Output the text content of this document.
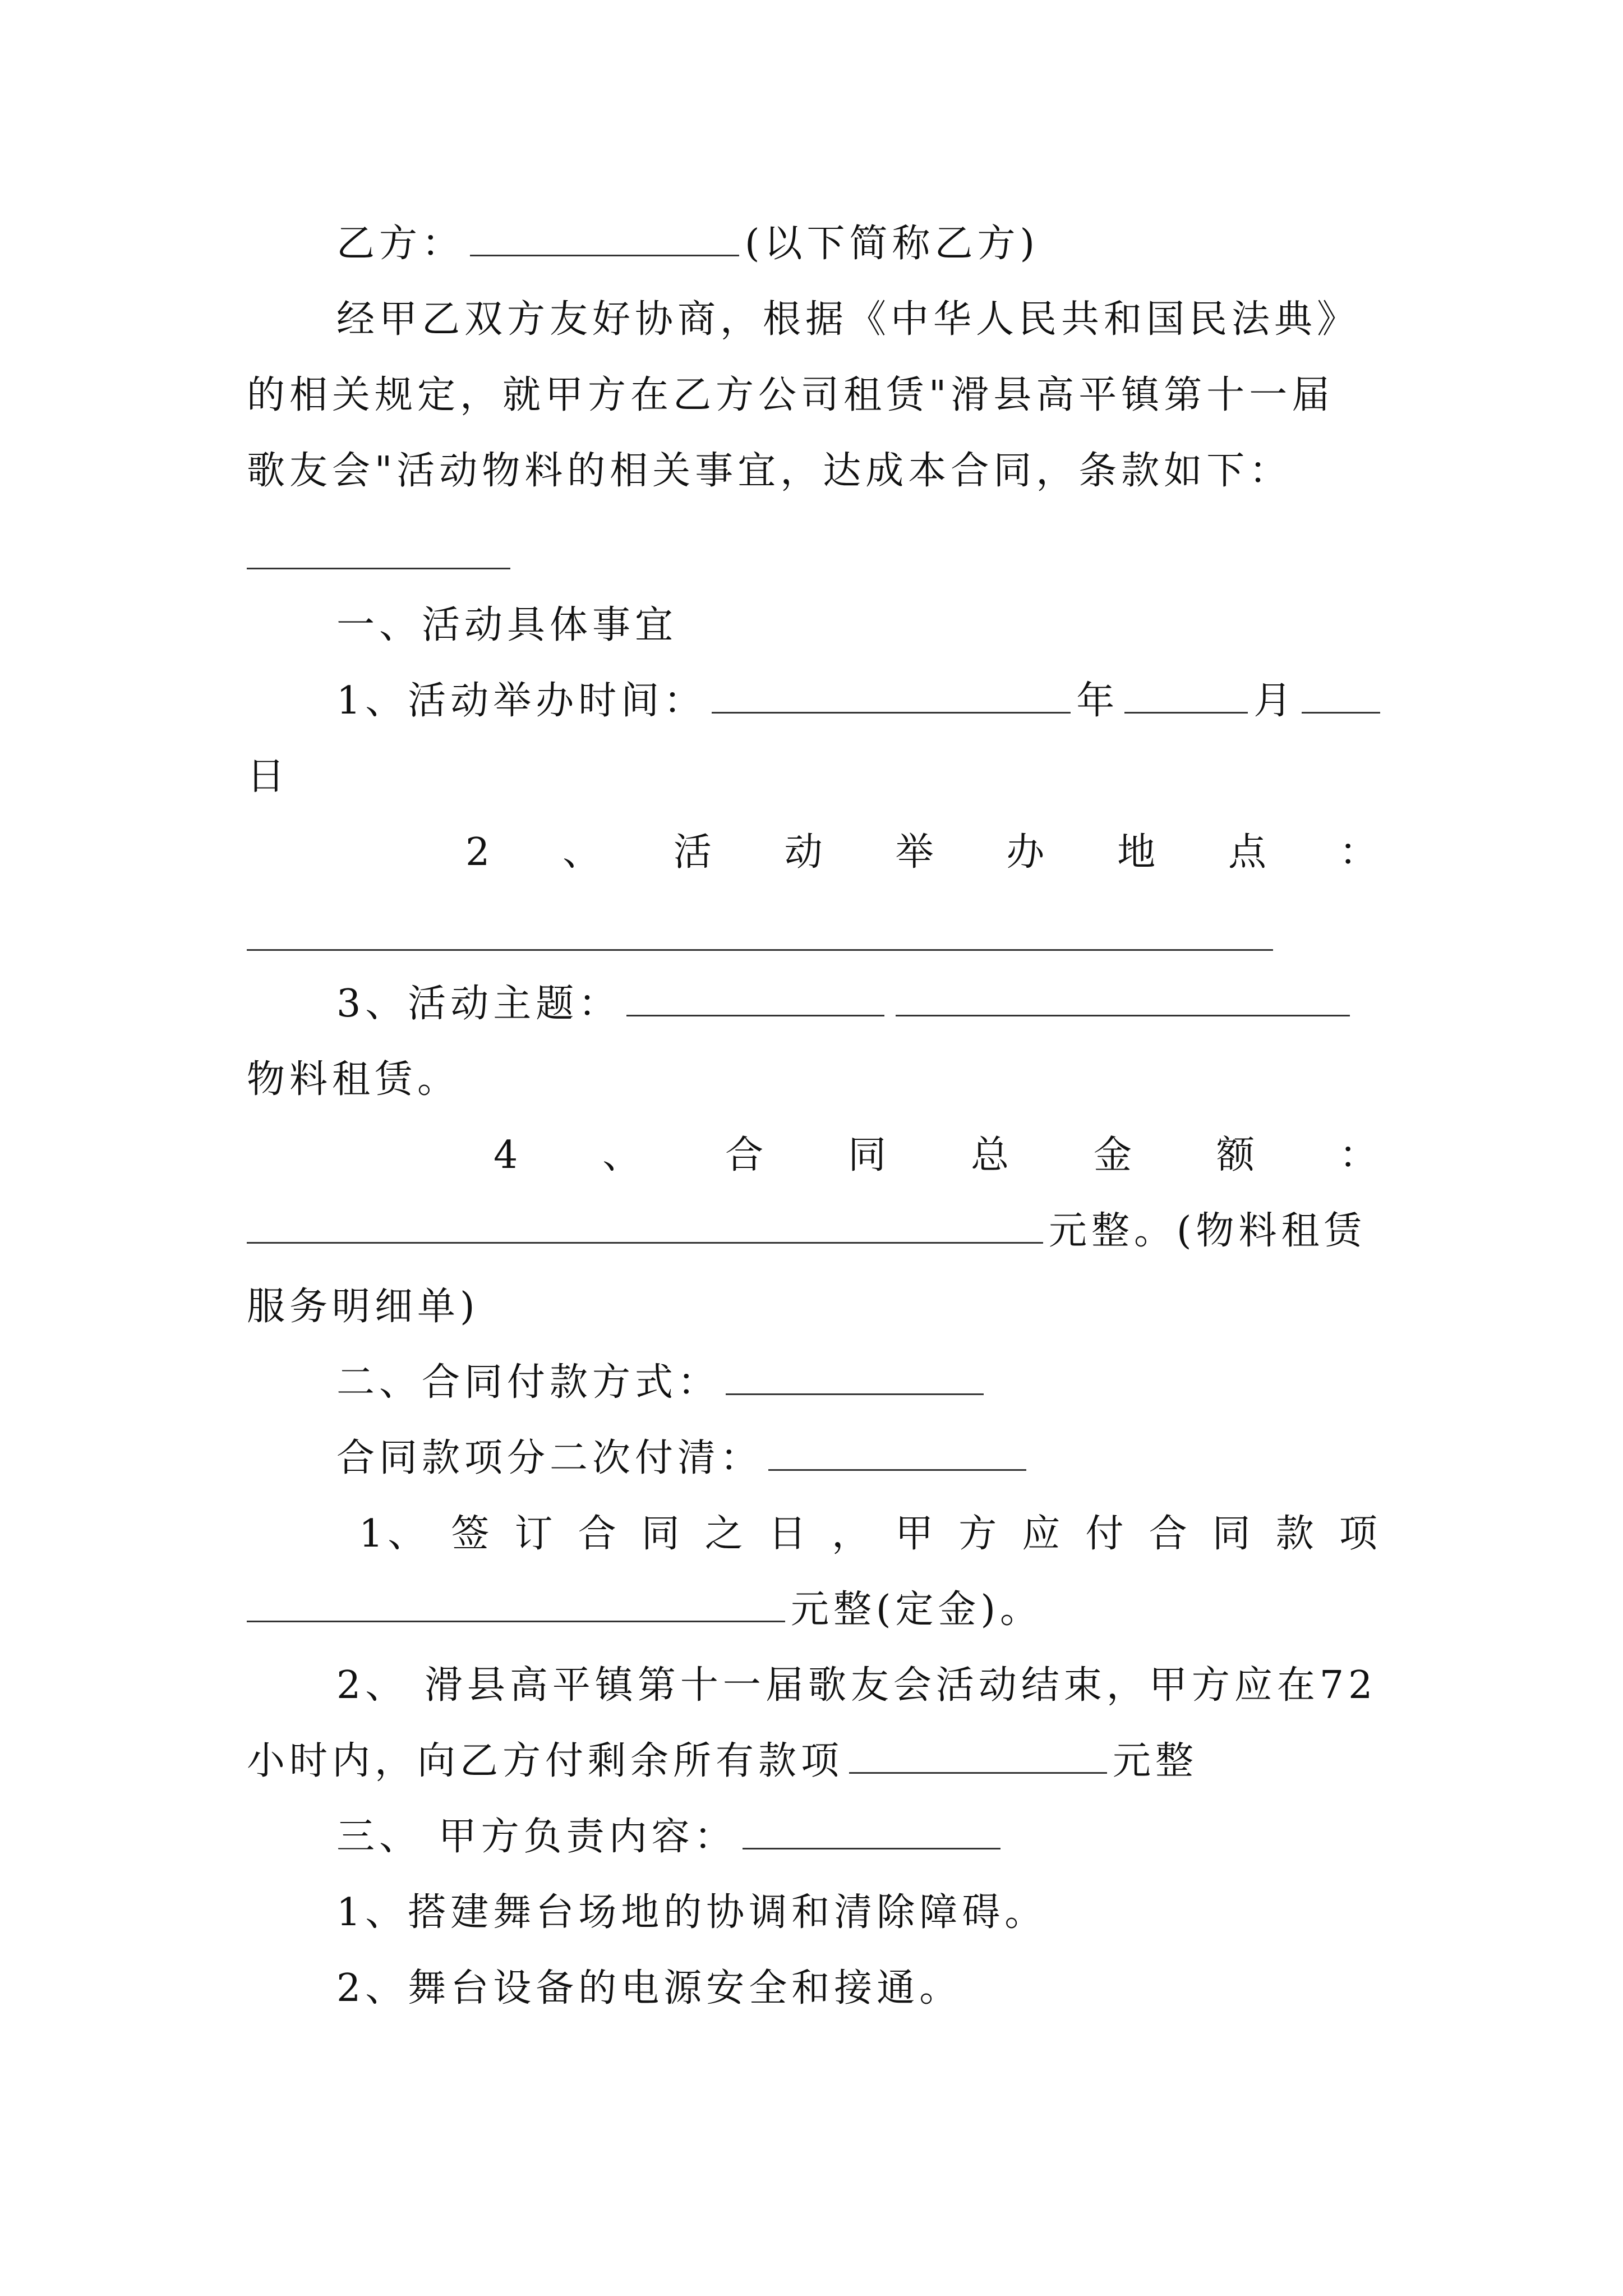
乙方：	(以下简称乙方)
经甲乙双方友好协商，根据《中华人民共和国民法典》
的相关规定，就甲方在乙方公司租赁"滑县高平镇第十一届
歌友会"活动物料的相关事宜，达成本合同，条款如下：
一、活动具体事宜
1、活动举办时间：	年	月
日
2 、 活 动 举 办 地 点 ：
3、活动主题：
物料租赁。
4 、 合 同 总 金 额 ：
元整。(物料租赁
服务明细单)
二、合同付款方式：
合同款项分二次付清：
1、 签 订 合 同 之 日 ， 甲 方 应 付 合 同 款 项
元整(定金)。
2、 滑县高平镇第十一届歌友会活动结束，甲方应在72
小时内，向乙方付剩余所有款项	元整
三、 甲方负责内容：
1、搭建舞台场地的协调和清除障碍。
2、舞台设备的电源安全和接通。
